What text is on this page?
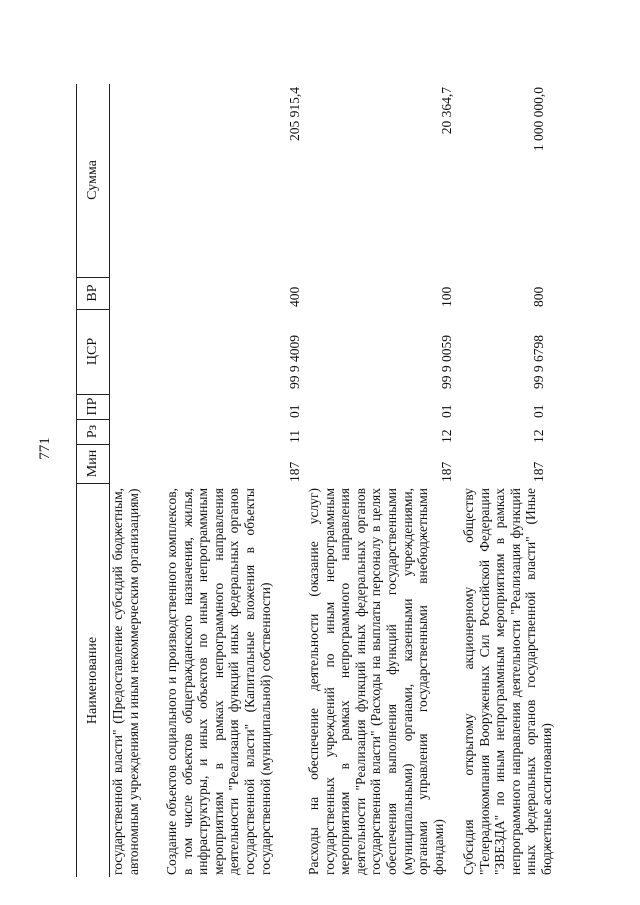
771
Наименование
Мин
Рз
ПР
ЦСР
ВР
Сумма
государственной власти" (Предоставление субсидий бюджетным, автономным учреждениям и иным некоммерческим организациям) Создание объектов социального и производственного комплексов, в том числе объектов общегражданского назначения, жилья, инфраструктуры, и иных объектов по иным непрограммным мероприятиям в рамках непрограммного направления деятельности "Реализация функций иных федеральных органов государственной власти" (Капитальные вложения в объекты государственной (муниципальной) собственности)
187
11
01
99 9 4009
400
205 915,4
Расходы на обеспечение деятельности (оказание услуг) государственных учреждений по иным непрограммным мероприятиям в рамках непрограммного направления деятельности "Реализация функций иных федеральных органов государственной власти" (Расходы на выплаты персоналу в целях обеспечения выполнения функций государственными (муниципальными) органами, казенными учреждениями, органами управления государственными внебюджетными фондами)
187
12
01
99 9 0059
100
20 364,7
Субсидия открытому акционерному обществу "Телерадиокомпания Вооруженных Сил Российской Федерации "ЗВЕЗДА" по иным непрограммным мероприятиям в рамках непрограммного направления деятельности "Реализация функций иных федеральных органов государственной власти" (Иные бюджетные ассигнования)
187
12
01
99 9 6798
800
1 000 000,0
